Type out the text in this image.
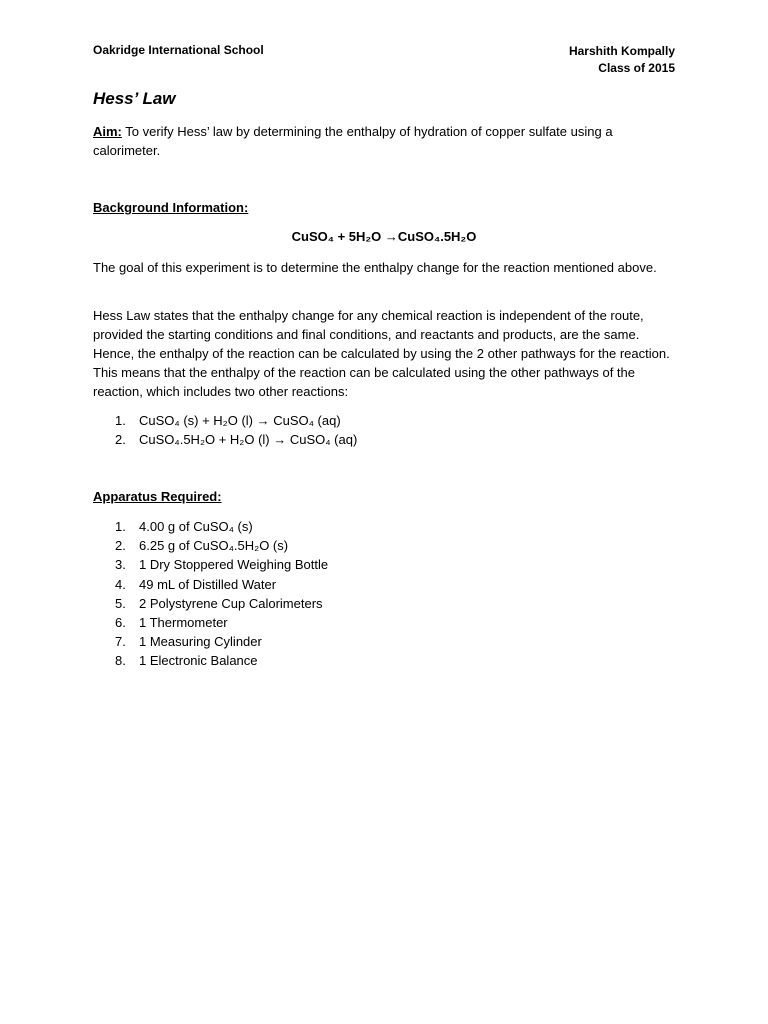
Oakridge International School	Harshith Kompally
Class of 2015
Hess’ Law

Aim: To verify Hess’ law by determining the enthalpy of hydration of copper sulfate using a calorimeter.

Background Information:

CuSO₄ + 5H₂O →CuSO₄.5H₂O

The goal of this experiment is to determine the enthalpy change for the reaction mentioned above.

Hess Law states that the enthalpy change for any chemical reaction is independent of the route, provided the starting conditions and final conditions, and reactants and products, are the same. Hence, the enthalpy of the reaction can be calculated by using the 2 other pathways for the reaction. This means that the enthalpy of the reaction can be calculated using the other pathways of the reaction, which includes two other reactions:

1. CuSO₄ (s) + H₂O (l) → CuSO₄ (aq)
2. CuSO₄.5H₂O + H₂O (l) → CuSO₄ (aq)
Apparatus Required:
1. 4.00 g of CuSO₄ (s)
2. 6.25 g of CuSO₄.5H₂O (s)
3. 1 Dry Stoppered Weighing Bottle
4. 49 mL of Distilled Water
5. 2 Polystyrene Cup Calorimeters
6. 1 Thermometer
7. 1 Measuring Cylinder
8. 1 Electronic Balance
